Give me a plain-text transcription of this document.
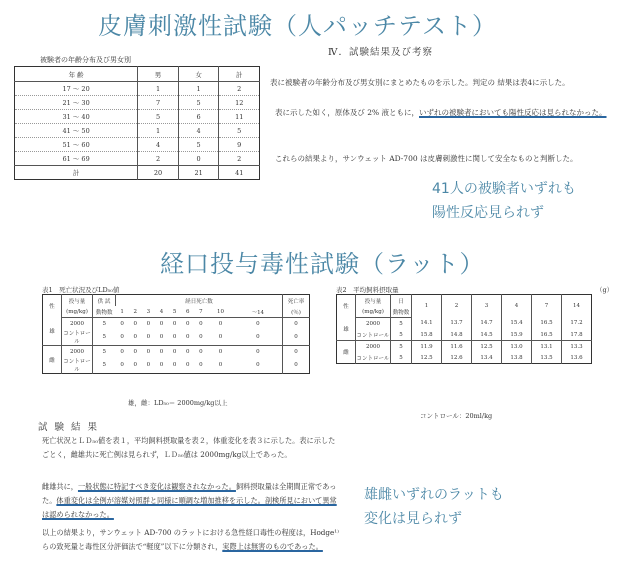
皮膚刺激性試験（人パッチテスト）
被験者の年齢分布及び男女別
年 齢	男	女	計
17 ～ 20	1	1	2
21 ～ 30	7	5	12
31 ～ 40	5	6	11
41 ～ 50	1	4	5
51 ～ 60	4	5	9
61 ～ 69	2	0	2
計	20	21	41
Ⅳ．試験結果及び考察
表に被験者の年齢分布及び男女別にまとめたものを示した。判定の 結果は表4に示した。
表に示した如く，原体及び 2% 液ともに，いずれの被験者においても陽性反応は見られなかった。
これらの結果より，サンウェット AD-700 は皮膚刺激性に関して安全なものと判断した。
41人の被験者いずれも
陽性反応見られず
経口投与毒性試験（ラット）
表1　死亡状況及びLD₅₀値
性	投与量	供 試	経日死亡数									死亡率
	(mg/kg)	動物数	1	2	3	4	5	6	7	10	～14	(％)
雄	2000	5	0	0	0	0	0	0	0	0	0	0
	コントロール	5	0	0	0	0	0	0	0	0	0	0
雌	2000	5	0	0	0	0	0	0	0	0	0	0
	コントロール	5	0	0	0	0	0	0	0	0	0	0
雄，雌：LD₅₀＝ 2000mg/kg以上
表2　平均飼料摂取量	（g）
性	投与量	日	1	2	3	4	7	14
	(mg/kg)	動物数						
雄	2000	5	14.1	13.7	14.7	15.4	16.5	17.2
	コントロール	5	15.8	14.8	14.5	15.9	16.5	17.8
雌	2000	5	11.9	11.6	12.5	13.0	13.1	13.3
	コントロール	5	12.5	12.6	13.4	13.8	13.5	13.6
コントロール：20ml/kg
試 験 結 果
死亡状況とＬＤ₅₀値を表１，平均飼料摂取量を表２，体重変化を表３に示した。表に示したごとく，雌雄共に死亡例は見られず，ＬＤ₅₀値は 2000mg/kg以上であった。
雌雄共に，一般状態に特記すべき変化は観察されなかった。飼料摂取量は全期間正常であった。体重変化は全例が溶媒対照群と同様に順調な増加推移を示した。剖検所見において異常は認められなかった。
以上の結果より，サンウェット AD-700 のラットにおける急性経口毒性の程度は，Hodge¹⁾ らの致死量と毒性区分評価法で“軽度”以下に分類され，実際上は無害のものであった。
雄雌いずれのラットも
変化は見られず
